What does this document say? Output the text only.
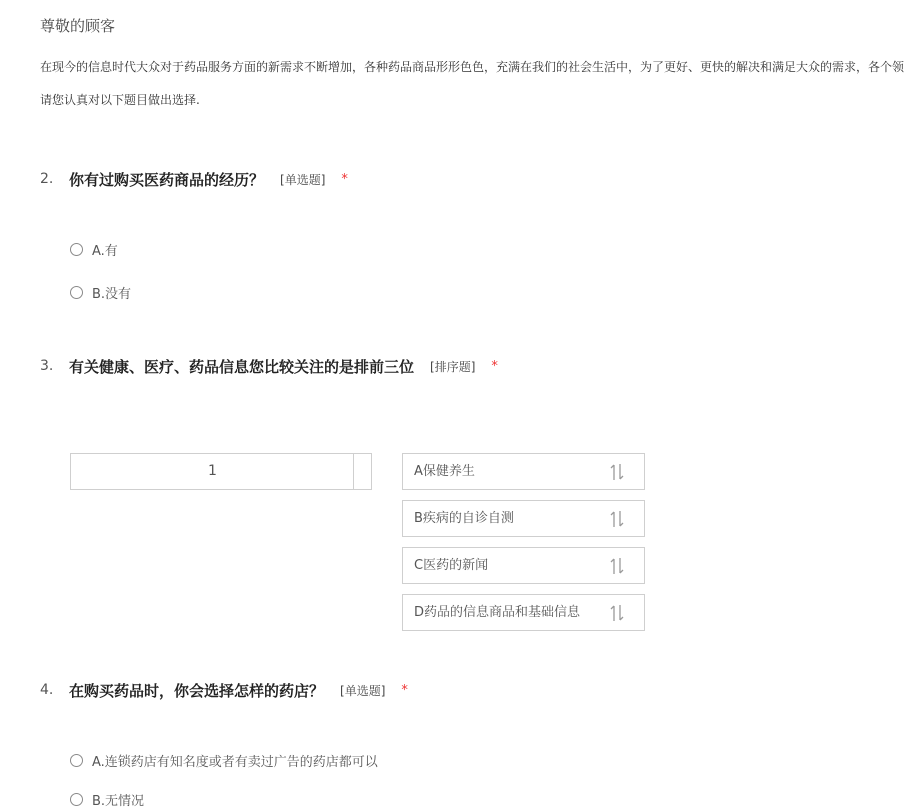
尊敬的顾客
在现今的信息时代大众对于药品服务方面的新需求不断增加，各种药品商品形形色色，充满在我们的社会生活中，为了更好、更快的解决和满足大众的需求，各个领
请您认真对以下题目做出选择.
2.	你有过购买医药商品的经历？ [单选题] *
A.有
B.没有
3.	有关健康、医疗、药品信息您比较关注的是排前三位 [排序题] *
1	A保健养生
B疾病的自诊自测
C医药的新闻
D药品的信息商品和基础信息
4.	在购买药品时，你会选择怎样的药店？ [单选题] *
A.连锁药店有知名度或者有卖过广告的药店都可以
B.无情况
